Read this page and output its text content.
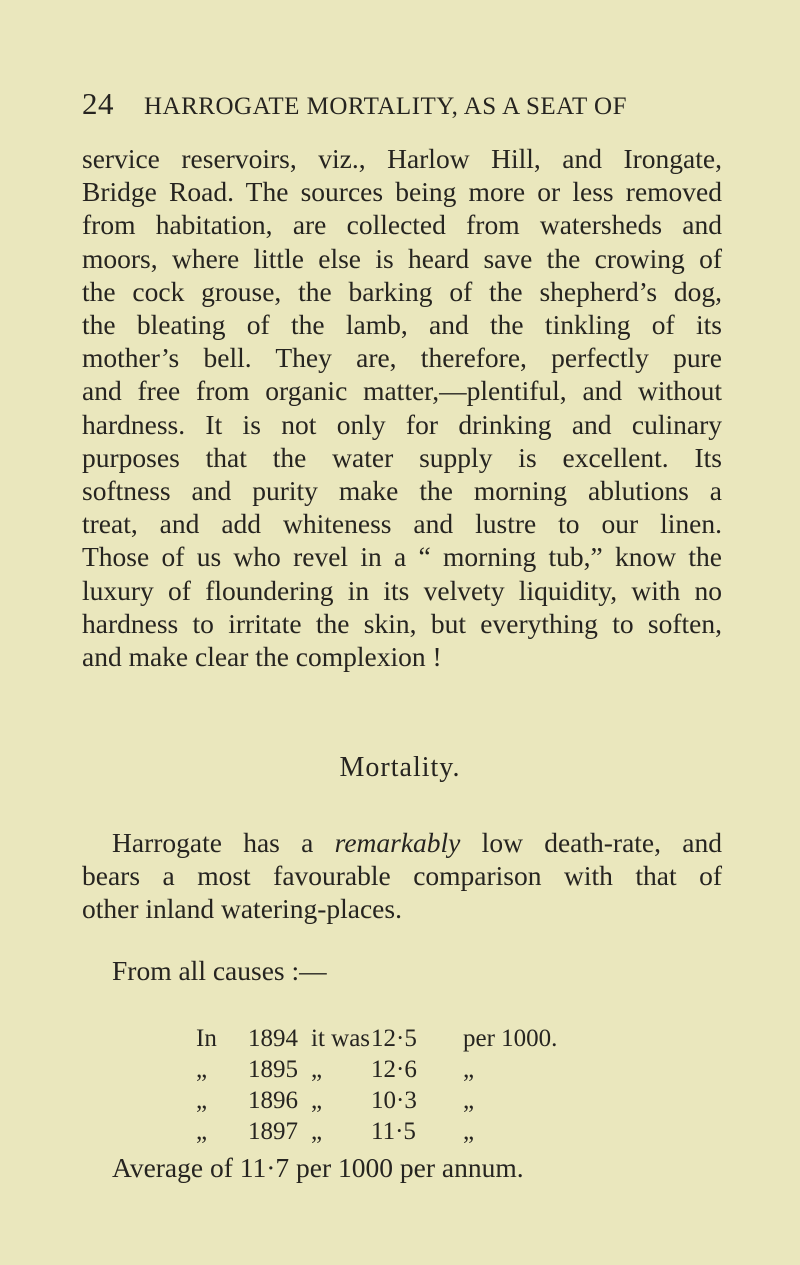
24 HARROGATE MORTALITY, AS A SEAT OF
service reservoirs, viz., Harlow Hill, and Irongate,
Bridge Road. The sources being more or less removed
from habitation, are collected from watersheds and
moors, where little else is heard save the crowing of
the cock grouse, the barking of the shepherd’s dog,
the bleating of the lamb, and the tinkling of its
mother’s bell. They are, therefore, perfectly pure
and free from organic matter,—plentiful, and without
hardness. It is not only for drinking and culinary
purposes that the water supply is excellent. Its
softness and purity make the morning ablutions a
treat, and add whiteness and lustre to our linen.
Those of us who revel in a “ morning tub,” know the
luxury of floundering in its velvety liquidity, with no
hardness to irritate the skin, but everything to soften,
and make clear the complexion !
Mortality.
Harrogate has a remarkably low death-rate, and
bears a most favourable comparison with that of
other inland watering-places.
From all causes :—
In	1894 it was 12·5	per 1000.
„	1895 „	12·6	„
„	1896 „	10·3	„
„	1897 „	11·5	„
Average of 11·7 per 1000 per annum.
